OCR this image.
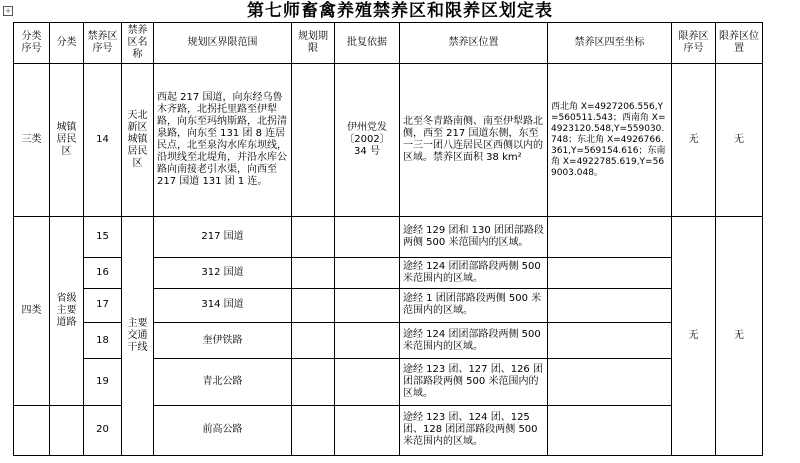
第七师畜禽养殖禁养区和限养区划定表
+
分类序号	分类	禁养区序号	禁养区名称	规划区界限范围	规划期限	批复依据	禁养区位置	禁养区四至坐标	限养区序号	限养区位置	
三类	城镇居民区	14	天北新区城镇居民区	西起 217 国道，向东经乌鲁木齐路，北拐托里路至伊犁路，向东至玛纳斯路，北拐清泉路，向东至 131 团 8 连居民点，北至泉沟水库东坝线，沿坝线至北堤角，并沿水库公路向南接老引水渠，向西至 217 国道 131 团 1 连。		伊州党发〔2002〕34 号	北至冬青路南侧、南至伊犁路北侧，西至 217 国道东侧，东至一三一团八连居民区西侧以内的区域。禁养区面积 38 km²	西北角 X=4927206.556,Y=560511.543；西南角 X=4923120.548,Y=559030.748；东北角 X=4926766.361,Y=569154.616；东南角 X=4922785.619,Y=569003.048。	无	无	
四类	省级主要道路	15	主要交通干线	217 国道			途经 129 团和 130 团团部路段两侧 500 米范围内的区域。		无	无	
		16		312 国道			途经 124 团团部路段两侧 500 米范围内的区域。				
		17		314 国道			途经 1 团团部路段两侧 500 米范围内的区域。				
		18		奎伊铁路			途经 124 团团部路段两侧 500 米范围内的区域。				
		19		青北公路			途经 123 团、127 团、126 团团部路段两侧 500 米范围内的区域。				
		20		前高公路			途经 123 团、124 团、125 团、128 团团部路段两侧 500 米范围内的区域。				
